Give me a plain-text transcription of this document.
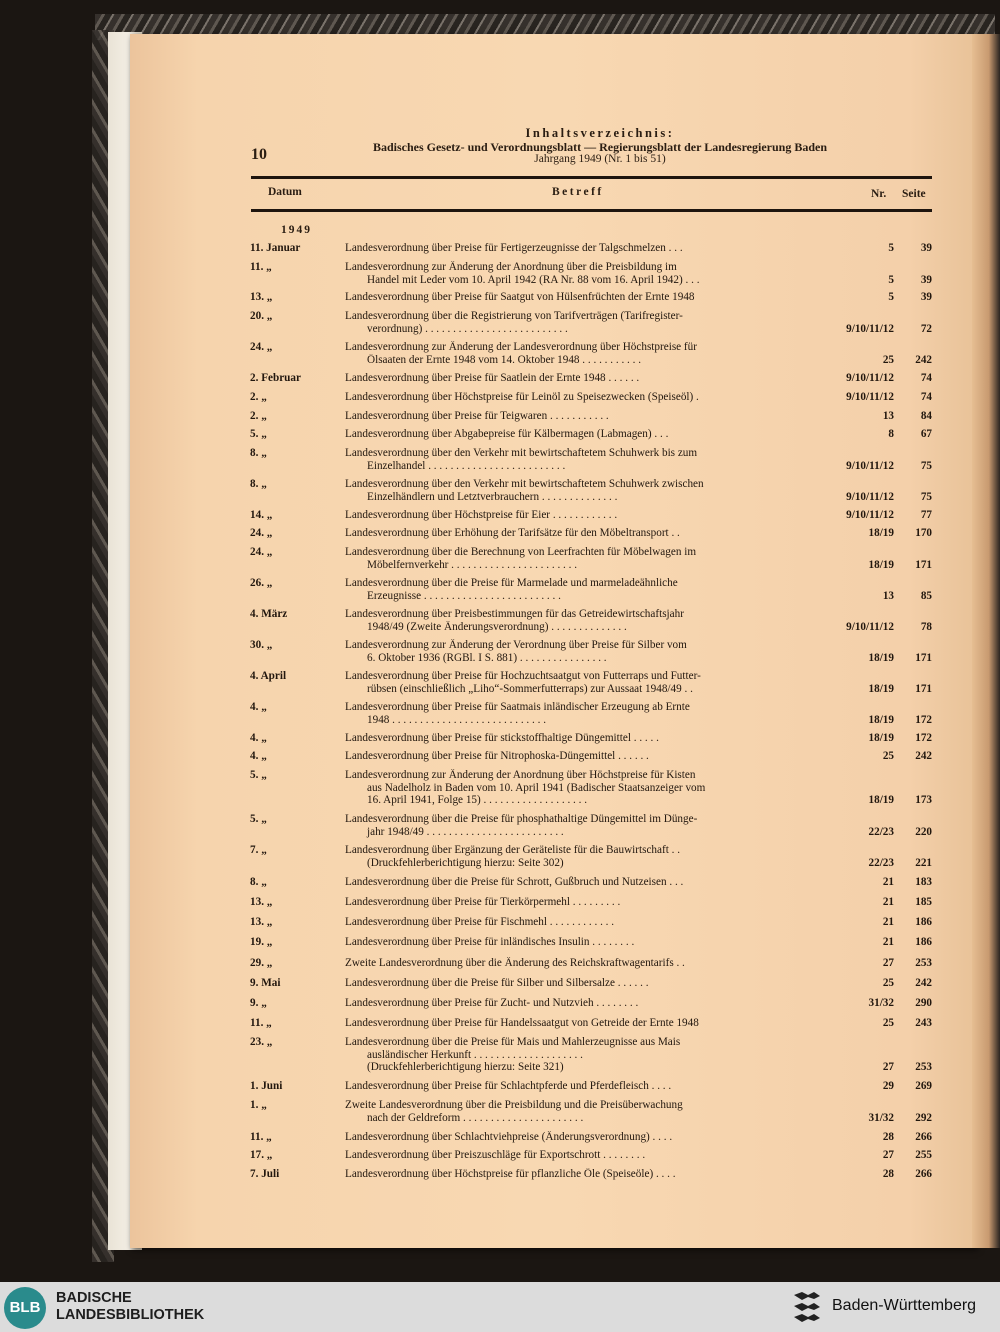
10
Inhaltsverzeichnis:
Badisches Gesetz- und Verordnungsblatt — Regierungsblatt der Landesregierung Baden
Jahrgang 1949 (Nr. 1 bis 51)
Datum	Betreff	Nr. Seite
1949
11. Januar	Landesverordnung über Preise für Fertigerzeugnisse der Talgschmelzen . . .	5	39
11. „	Landesverordnung zur Änderung der Anordnung über die Preisbildung im
Handel mit Leder vom 10. April 1942 (RA Nr. 88 vom 16. April 1942) . . .	5	39
13. „	Landesverordnung über Preise für Saatgut von Hülsenfrüchten der Ernte 1948	5	39
20. „	Landesverordnung über die Registrierung von Tarifverträgen (Tarifregister-
verordnung) . . . . . . . . . . . . . . . . . . . . . . . . . .	9/10/11/12	72
24. „	Landesverordnung zur Änderung der Landesverordnung über Höchstpreise für
Ölsaaten der Ernte 1948 vom 14. Oktober 1948 . . . . . . . . . . .	25	242
2. Februar	Landesverordnung über Preise für Saatlein der Ernte 1948 . . . . . .	9/10/11/12	74
2. „	Landesverordnung über Höchstpreise für Leinöl zu Speisezwecken (Speiseöl) .	9/10/11/12	74
2. „	Landesverordnung über Preise für Teigwaren . . . . . . . . . . .	13	84
5. „	Landesverordnung über Abgabepreise für Kälbermagen (Labmagen) . . .	8	67
8. „	Landesverordnung über den Verkehr mit bewirtschaftetem Schuhwerk bis zum
Einzelhandel . . . . . . . . . . . . . . . . . . . . . . . . .	9/10/11/12	75
8. „	Landesverordnung über den Verkehr mit bewirtschaftetem Schuhwerk zwischen
Einzelhändlern und Letztverbrauchern . . . . . . . . . . . . . .	9/10/11/12	75
14. „	Landesverordnung über Höchstpreise für Eier . . . . . . . . . . . .	9/10/11/12	77
24. „	Landesverordnung über Erhöhung der Tarifsätze für den Möbeltransport . .	18/19	170
24. „	Landesverordnung über die Berechnung von Leerfrachten für Möbelwagen im
Möbelfernverkehr . . . . . . . . . . . . . . . . . . . . . . .	18/19	171
26. „	Landesverordnung über die Preise für Marmelade und marmeladeähnliche
Erzeugnisse . . . . . . . . . . . . . . . . . . . . . . . . .	13	85
4. März	Landesverordnung über Preisbestimmungen für das Getreidewirtschaftsjahr
1948/49 (Zweite Änderungsverordnung) . . . . . . . . . . . . . .	9/10/11/12	78
30. „	Landesverordnung zur Änderung der Verordnung über Preise für Silber vom
6. Oktober 1936 (RGBl. I S. 881) . . . . . . . . . . . . . . . .	18/19	171
4. April	Landesverordnung über Preise für Hochzuchtsaatgut von Futterraps und Futter-
rübsen (einschließlich „Liho“-Sommerfutterraps) zur Aussaat 1948/49 . .	18/19	171
4. „	Landesverordnung über Preise für Saatmais inländischer Erzeugung ab Ernte
1948 . . . . . . . . . . . . . . . . . . . . . . . . . . . .	18/19	172
4. „	Landesverordnung über Preise für stickstoffhaltige Düngemittel . . . . .	18/19	172
4. „	Landesverordnung über Preise für Nitrophoska-Düngemittel . . . . . .	25	242
5. „	Landesverordnung zur Änderung der Anordnung über Höchstpreise für Kisten
aus Nadelholz in Baden vom 10. April 1941 (Badischer Staatsanzeiger vom
16. April 1941, Folge 15) . . . . . . . . . . . . . . . . . . .	18/19	173
5. „	Landesverordnung über die Preise für phosphathaltige Düngemittel im Dünge-
jahr 1948/49 . . . . . . . . . . . . . . . . . . . . . . . . .	22/23	220
7. „	Landesverordnung über Ergänzung der Geräteliste für die Bauwirtschaft . .
(Druckfehlerberichtigung hierzu: Seite 302)	22/23	221
8. „	Landesverordnung über die Preise für Schrott, Gußbruch und Nutzeisen . . .	21	183
13. „	Landesverordnung über Preise für Tierkörpermehl . . . . . . . . .	21	185
13. „	Landesverordnung über Preise für Fischmehl . . . . . . . . . . . .	21	186
19. „	Landesverordnung über Preise für inländisches Insulin . . . . . . . .	21	186
29. „	Zweite Landesverordnung über die Änderung des Reichskraftwagentarifs . .	27	253
9. Mai	Landesverordnung über die Preise für Silber und Silbersalze . . . . . .	25	242
9. „	Landesverordnung über Preise für Zucht- und Nutzvieh . . . . . . . .	31/32	290
11. „	Landesverordnung über Preise für Handelssaatgut von Getreide der Ernte 1948	25	243
23. „	Landesverordnung über die Preise für Mais und Mahlerzeugnisse aus Mais
ausländischer Herkunft . . . . . . . . . . . . . . . . . . . .
(Druckfehlerberichtigung hierzu: Seite 321)	27	253
1. Juni	Landesverordnung über Preise für Schlachtpferde und Pferdefleisch . . . .	29	269
1. „	Zweite Landesverordnung über die Preisbildung und die Preisüberwachung
nach der Geldreform . . . . . . . . . . . . . . . . . . . . . .	31/32	292
11. „	Landesverordnung über Schlachtviehpreise (Änderungsverordnung) . . . .	28	266
17. „	Landesverordnung über Preiszuschläge für Exportschrott . . . . . . . .	27	255
7. Juli	Landesverordnung über Höchstpreise für pflanzliche Öle (Speiseöle) . . . .	28	266
BLB
BADISCHE
LANDESBIBLIOTHEK
Baden-Württemberg
